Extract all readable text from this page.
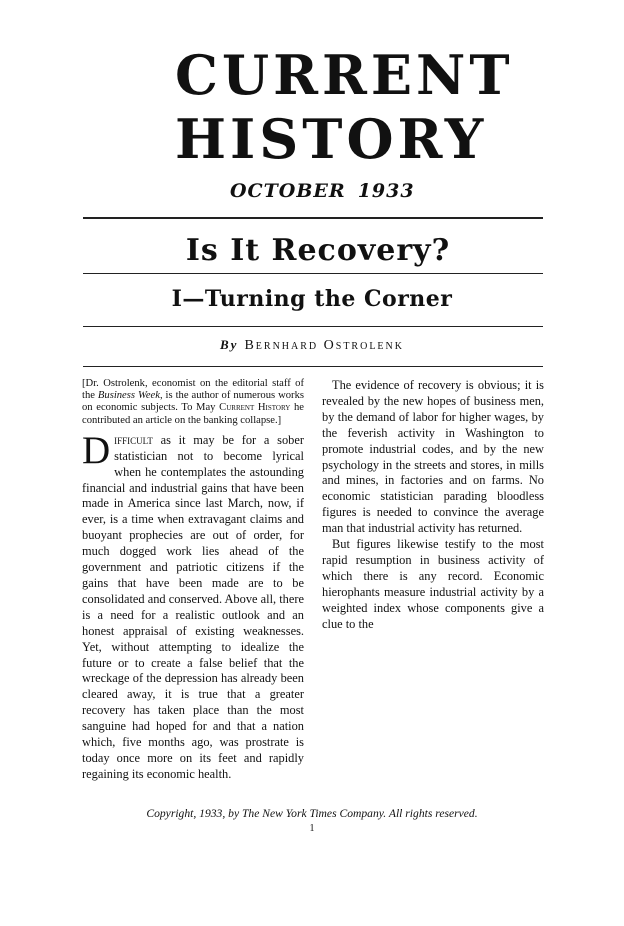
CURRENT
HISTORY
OCTOBER 1933
Is It Recovery?
I—Turning the Corner
By Bernhard Ostrolenk

[Dr. Ostrolenk, economist on the editorial staff of the Business Week, is the author of numerous works on economic subjects. To May Current History he contributed an article on the banking collapse.]

Difficult as it may be for a sober statistician not to become lyrical when he contemplates the astounding financial and industrial gains that have been made in America since last March, now, if ever, is a time when extravagant claims and buoyant prophecies are out of order, for much dogged work lies ahead of the government and patriotic citizens if the gains that have been made are to be consolidated and conserved. Above all, there is a need for a realistic outlook and an honest appraisal of existing weaknesses. Yet, without attempting to idealize the future or to create a false belief that the wreckage of the depression has already been cleared away, it is true that a greater recovery has taken place than the most sanguine had hoped for and that a nation which, five months ago, was prostrate is today once more on its feet and rapidly regaining its economic health.

The evidence of recovery is obvious; it is revealed by the new hopes of business men, by the demand of labor for higher wages, by the feverish activity in Washington to promote industrial codes, and by the new psychology in the streets and stores, in mills and mines, in factories and on farms. No economic statistician parading bloodless figures is needed to convince the average man that industrial activity has returned.

But figures likewise testify to the most rapid resumption in business activity of which there is any record. Economic hierophants measure industrial activity by a weighted index whose components give a clue to the

Copyright, 1933, by The New York Times Company. All rights reserved.
1
